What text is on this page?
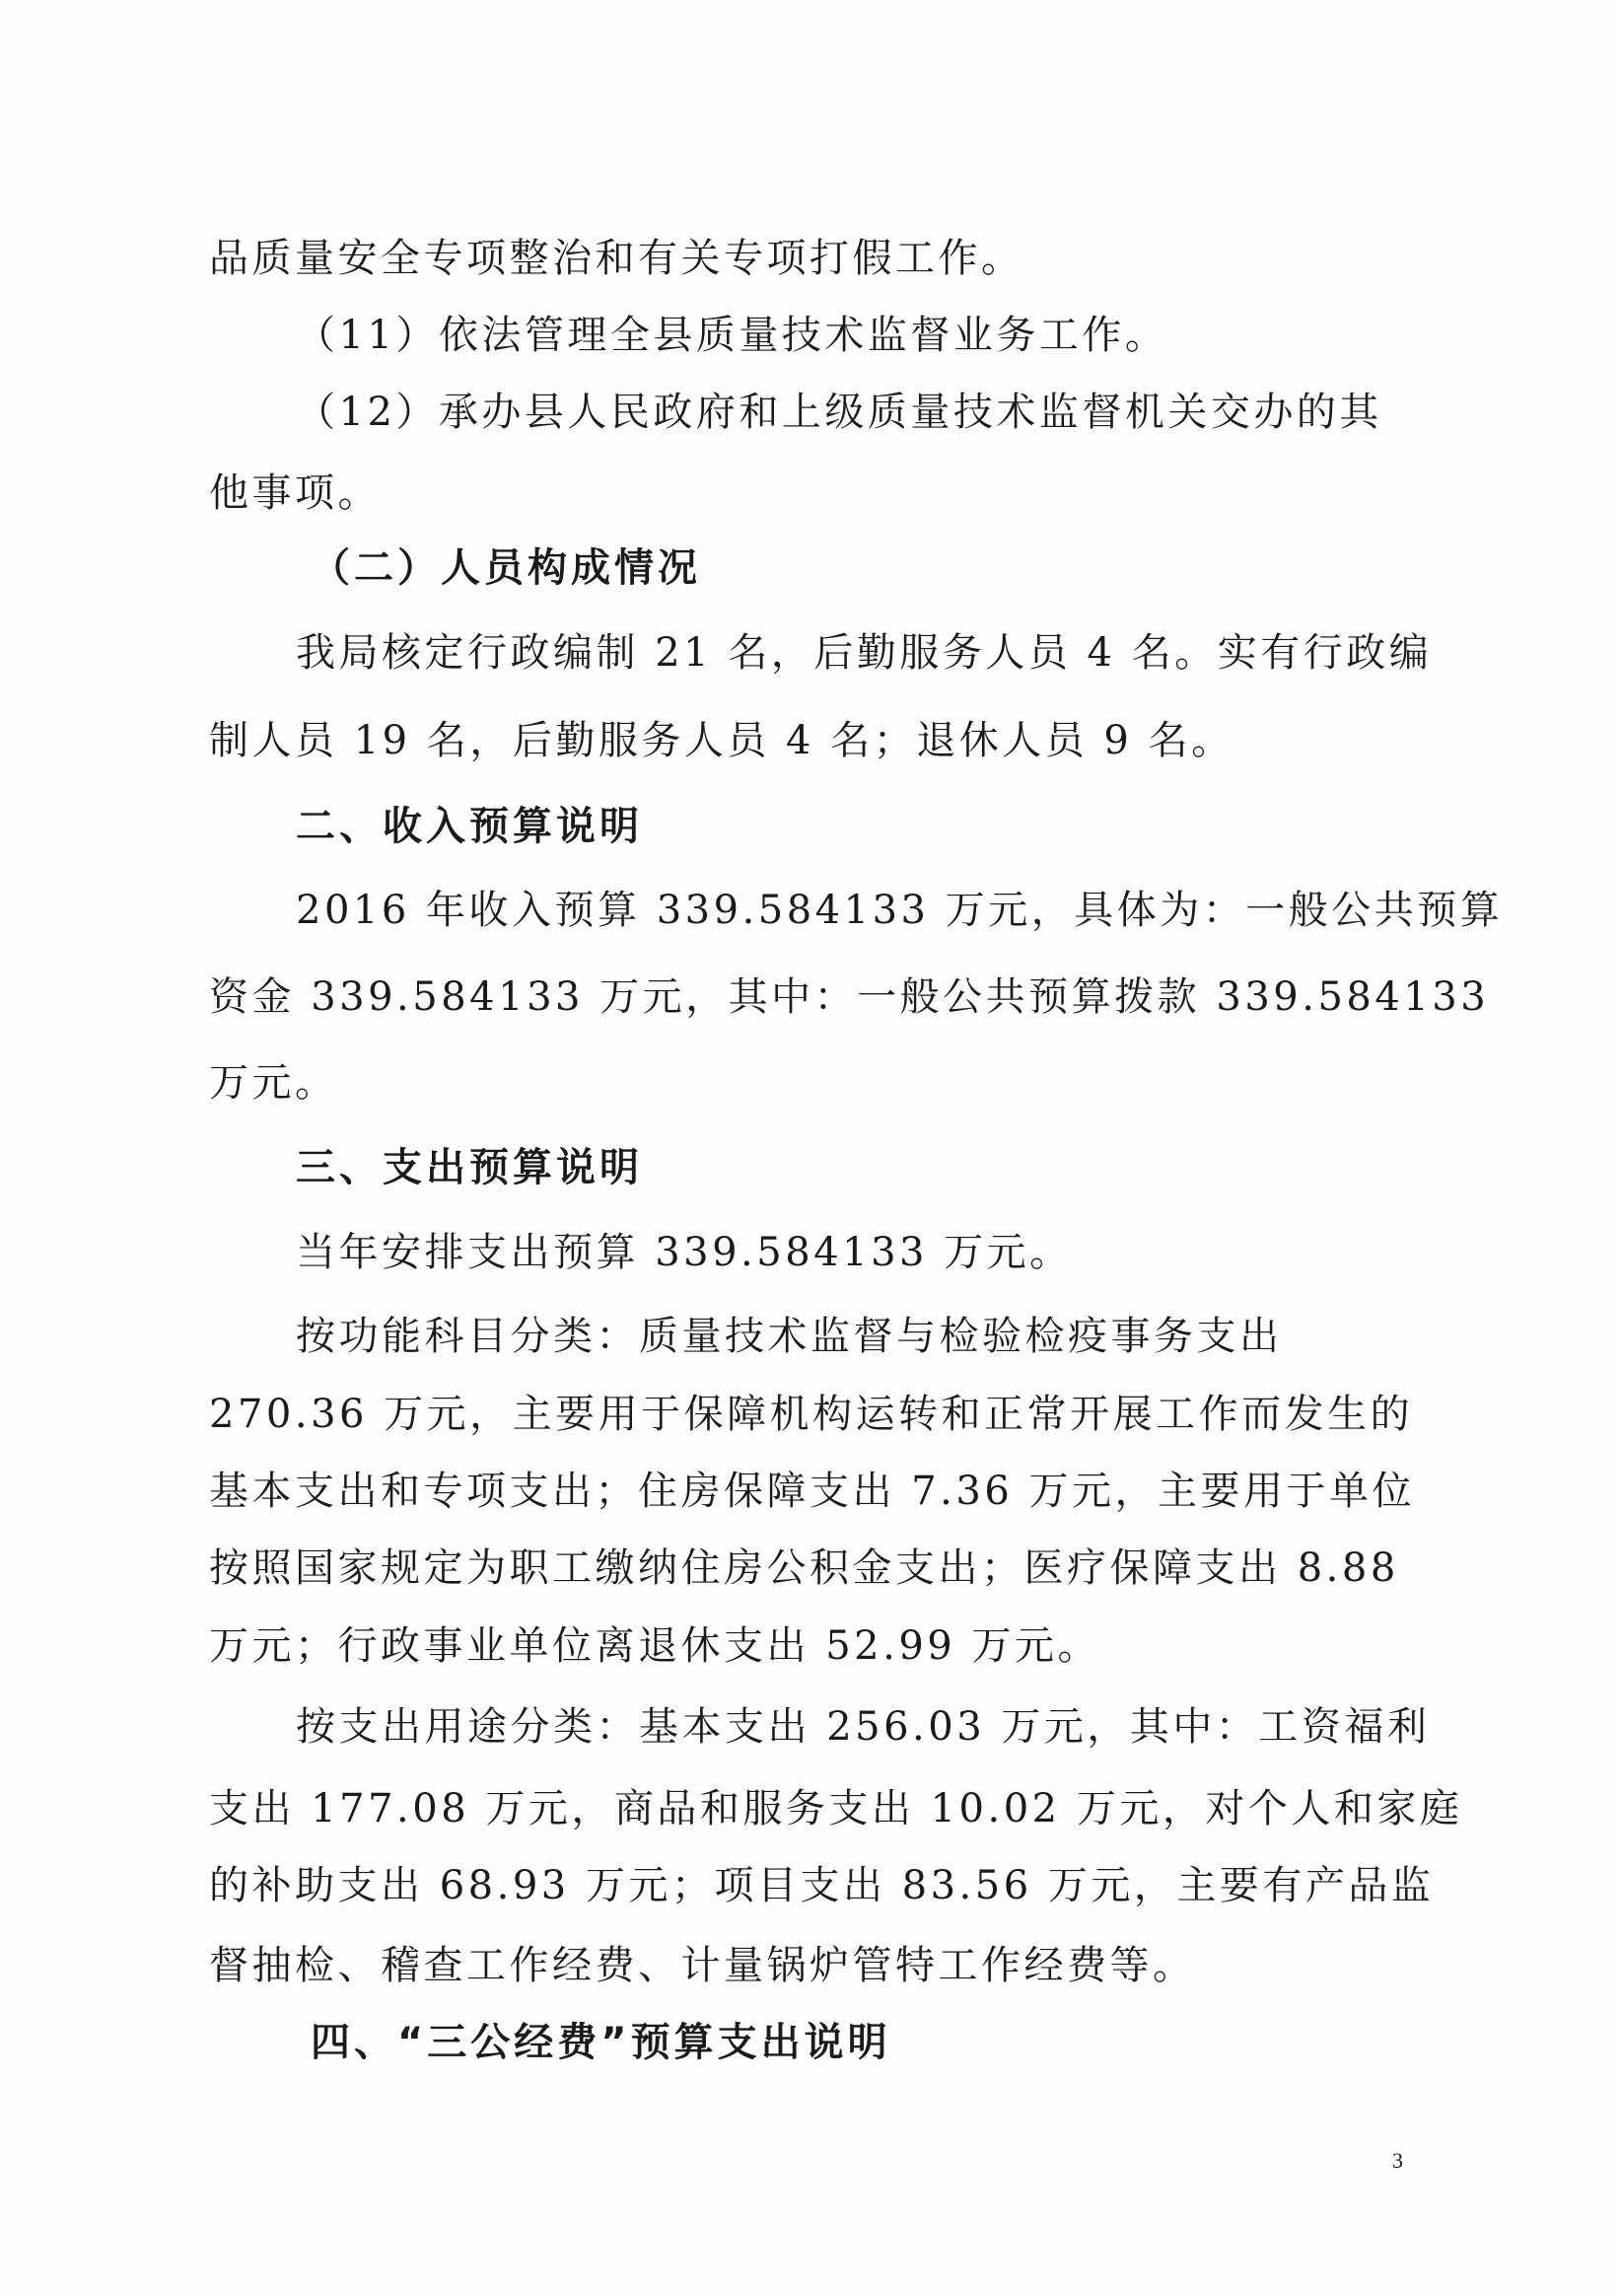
品质量安全专项整治和有关专项打假工作。
（11）依法管理全县质量技术监督业务工作。
（12）承办县人民政府和上级质量技术监督机关交办的其
他事项。
（二）人员构成情况
我局核定行政编制 21 名，后勤服务人员 4 名。实有行政编
制人员 19 名，后勤服务人员 4 名；退休人员 9 名。
二、收入预算说明
2016 年收入预算 339.584133 万元，具体为：一般公共预算
资金 339.584133 万元，其中：一般公共预算拨款 339.584133
万元。
三、支出预算说明
当年安排支出预算 339.584133 万元。
按功能科目分类：质量技术监督与检验检疫事务支出
270.36 万元，主要用于保障机构运转和正常开展工作而发生的
基本支出和专项支出；住房保障支出 7.36 万元，主要用于单位
按照国家规定为职工缴纳住房公积金支出；医疗保障支出 8.88
万元；行政事业单位离退休支出 52.99 万元。
按支出用途分类：基本支出 256.03 万元，其中：工资福利
支出 177.08 万元，商品和服务支出 10.02 万元，对个人和家庭
的补助支出 68.93 万元；项目支出 83.56 万元，主要有产品监
督抽检、稽查工作经费、计量锅炉管特工作经费等。
四、“三公经费”预算支出说明
3
